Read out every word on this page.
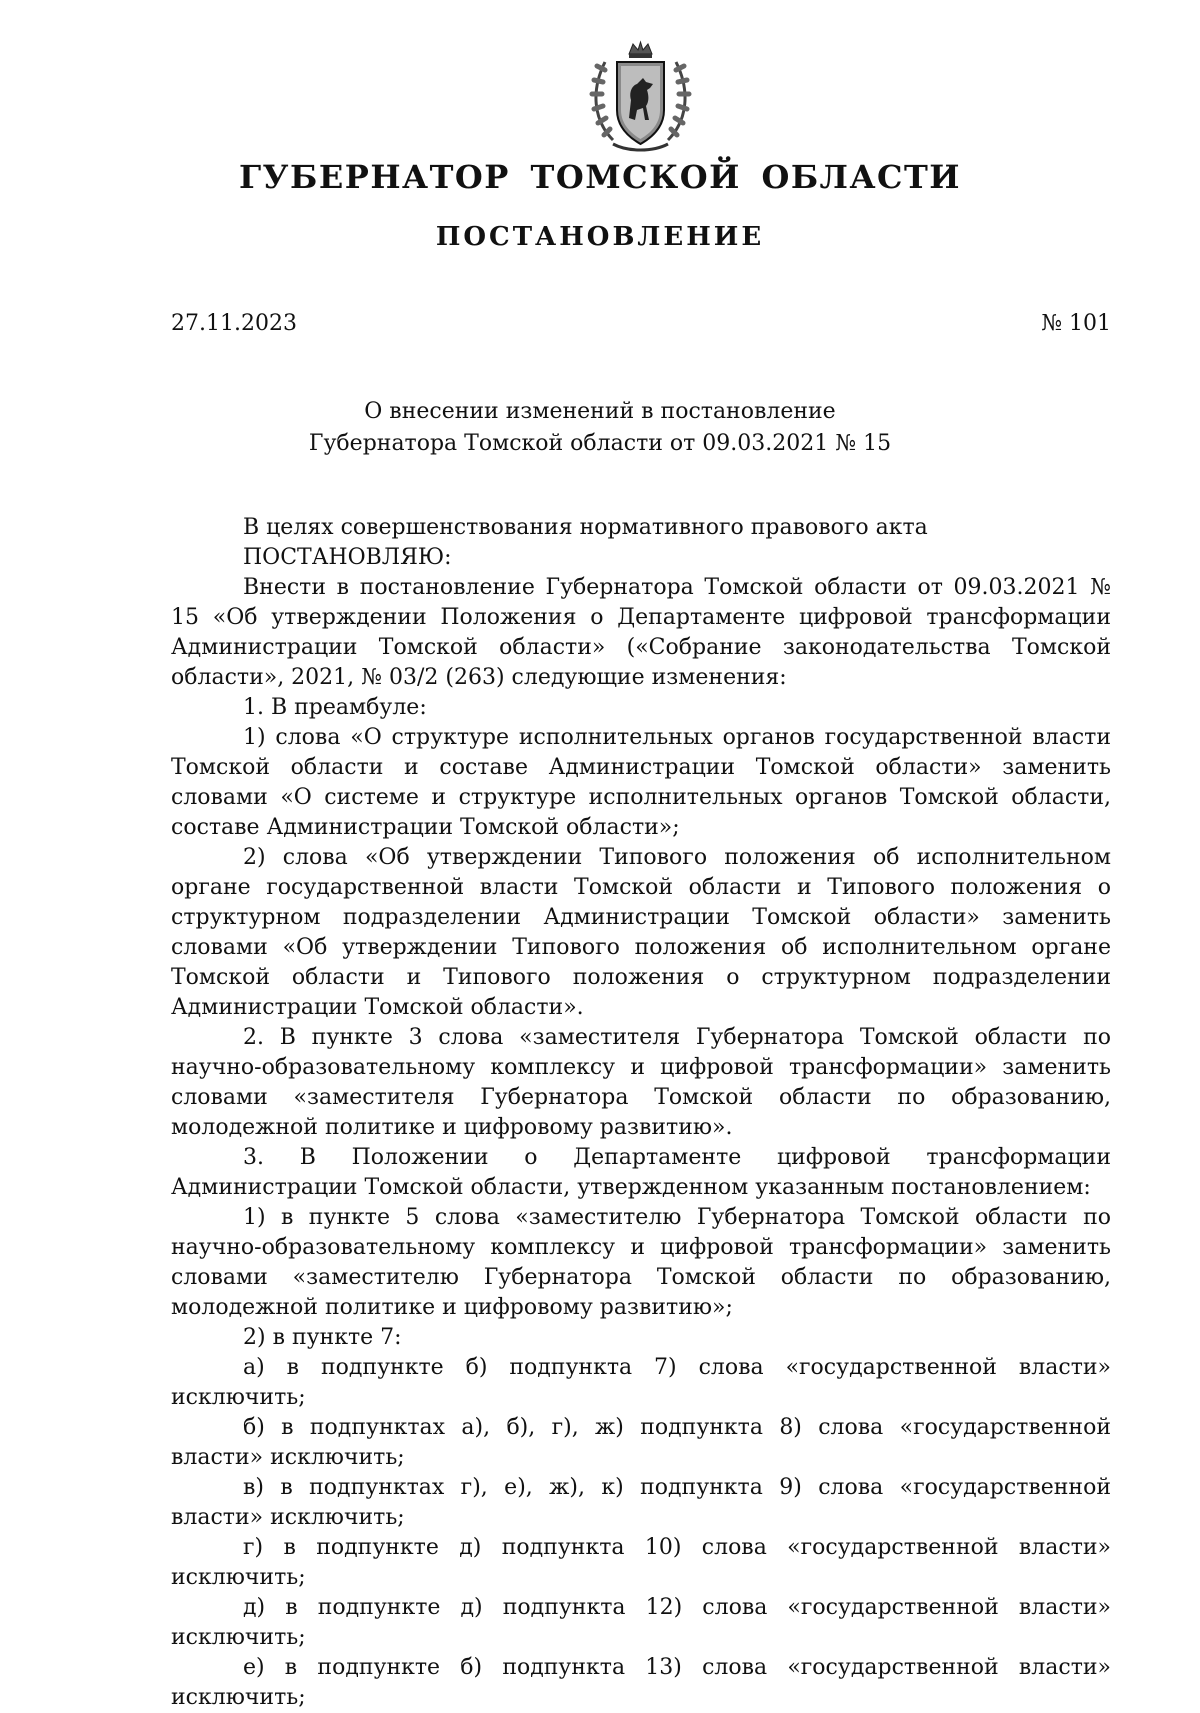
ГУБЕРНАТОР ТОМСКОЙ ОБЛАСТИ
ПОСТАНОВЛЕНИЕ
27.11.2023	№ 101
О внесении изменений в постановление
Губернатора Томской области от 09.03.2021 № 15

В целях совершенствования нормативного правового акта

ПОСТАНОВЛЯЮ:

Внести в постановление Губернатора Томской области от 09.03.2021 № 15 «Об утверждении Положения о Департаменте цифровой трансформации Администрации Томской области» («Собрание законодательства Томской области», 2021, № 03/2 (263) следующие изменения:

1. В преамбуле:

1) слова «О структуре исполнительных органов государственной власти Томской области и составе Администрации Томской области» заменить словами «О системе и структуре исполнительных органов Томской области, составе Администрации Томской области»;

2) слова «Об утверждении Типового положения об исполнительном органе государственной власти Томской области и Типового положения о структурном подразделении Администрации Томской области» заменить словами «Об утверждении Типового положения об исполнительном органе Томской области и Типового положения о структурном подразделении Администрации Томской области».

2. В пункте 3 слова «заместителя Губернатора Томской области по научно-образовательному комплексу и цифровой трансформации» заменить словами «заместителя Губернатора Томской области по образованию, молодежной политике и цифровому развитию».

3. В Положении о Департаменте цифровой трансформации Администрации Томской области, утвержденном указанным постановлением:

1) в пункте 5 слова «заместителю Губернатора Томской области по научно-образовательному комплексу и цифровой трансформации» заменить словами «заместителю Губернатора Томской области по образованию, молодежной политике и цифровому развитию»;

2) в пункте 7:

а) в подпункте б) подпункта 7) слова «государственной власти» исключить;

б) в подпунктах а), б), г), ж) подпункта 8) слова «государственной власти» исключить;

в) в подпунктах г), е), ж), к) подпункта 9) слова «государственной власти» исключить;

г) в подпункте д) подпункта 10) слова «государственной власти» исключить;

д) в подпункте д) подпункта 12) слова «государственной власти» исключить;

е) в подпункте б) подпункта 13) слова «государственной власти» исключить;
